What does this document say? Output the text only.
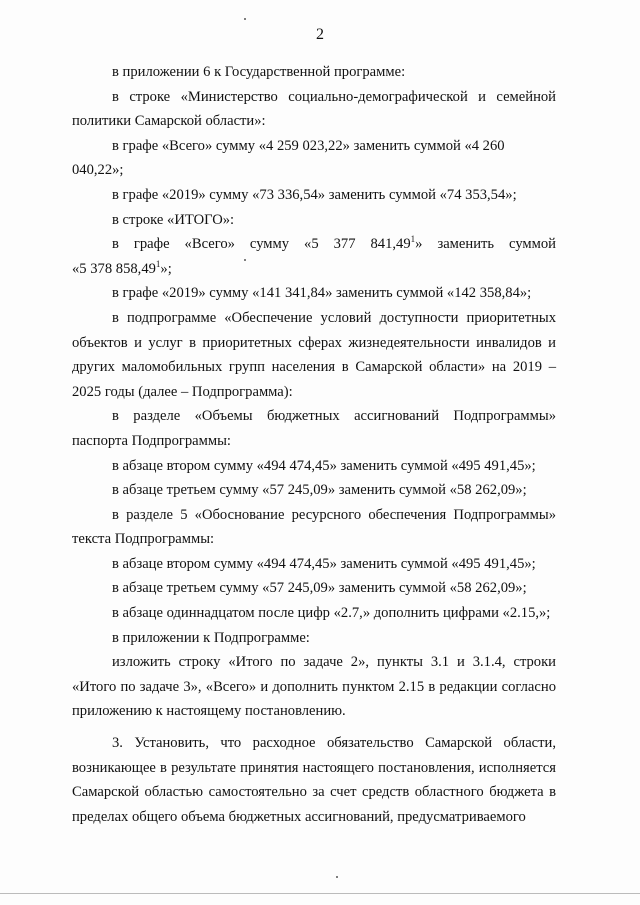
2

в приложении 6 к Государственной программе:

в строке «Министерство социально-демографической и семейной

политики Самарской области»:

в графе «Всего» сумму «4 259 023,22» заменить суммой «4 260 040,22»;

в графе «2019» сумму «73 336,54» заменить суммой «74 353,54»;

в строке «ИТОГО»:

в графе «Всего» сумму «5 377 841,49$^1$» заменить суммой

«5 378 858,49$^1$»;

в графе «2019» сумму «141 341,84» заменить суммой «142 358,84»;

в подпрограмме «Обеспечение условий доступности приоритетных объектов и услуг в приоритетных сферах жизнедеятельности инвалидов и других маломобильных групп населения в Самарской области» на 2019 – 2025 годы (далее – Подпрограмма):

в разделе «Объемы бюджетных ассигнований Подпрограммы»

паспорта Подпрограммы:

в абзаце втором сумму «494 474,45» заменить суммой «495 491,45»;

в абзаце третьем сумму «57 245,09» заменить суммой «58 262,09»;

в разделе 5 «Обоснование ресурсного обеспечения Подпрограммы»

текста Подпрограммы:

в абзаце втором сумму «494 474,45» заменить суммой «495 491,45»;

в абзаце третьем сумму «57 245,09» заменить суммой «58 262,09»;

в абзаце одиннадцатом после цифр «2.7,» дополнить цифрами «2.15,»;

в приложении к Подпрограмме:

изложить строку «Итого по задаче 2», пункты 3.1 и 3.1.4, строки «Итого по задаче 3», «Всего» и дополнить пунктом 2.15 в редакции согласно приложению к настоящему постановлению.

3. Установить, что расходное обязательство Самарской области, возникающее в результате принятия настоящего постановления, исполняется Самарской областью самостоятельно за счет средств областного бюджета в пределах общего объема бюджетных ассигнований, предусматриваемого
